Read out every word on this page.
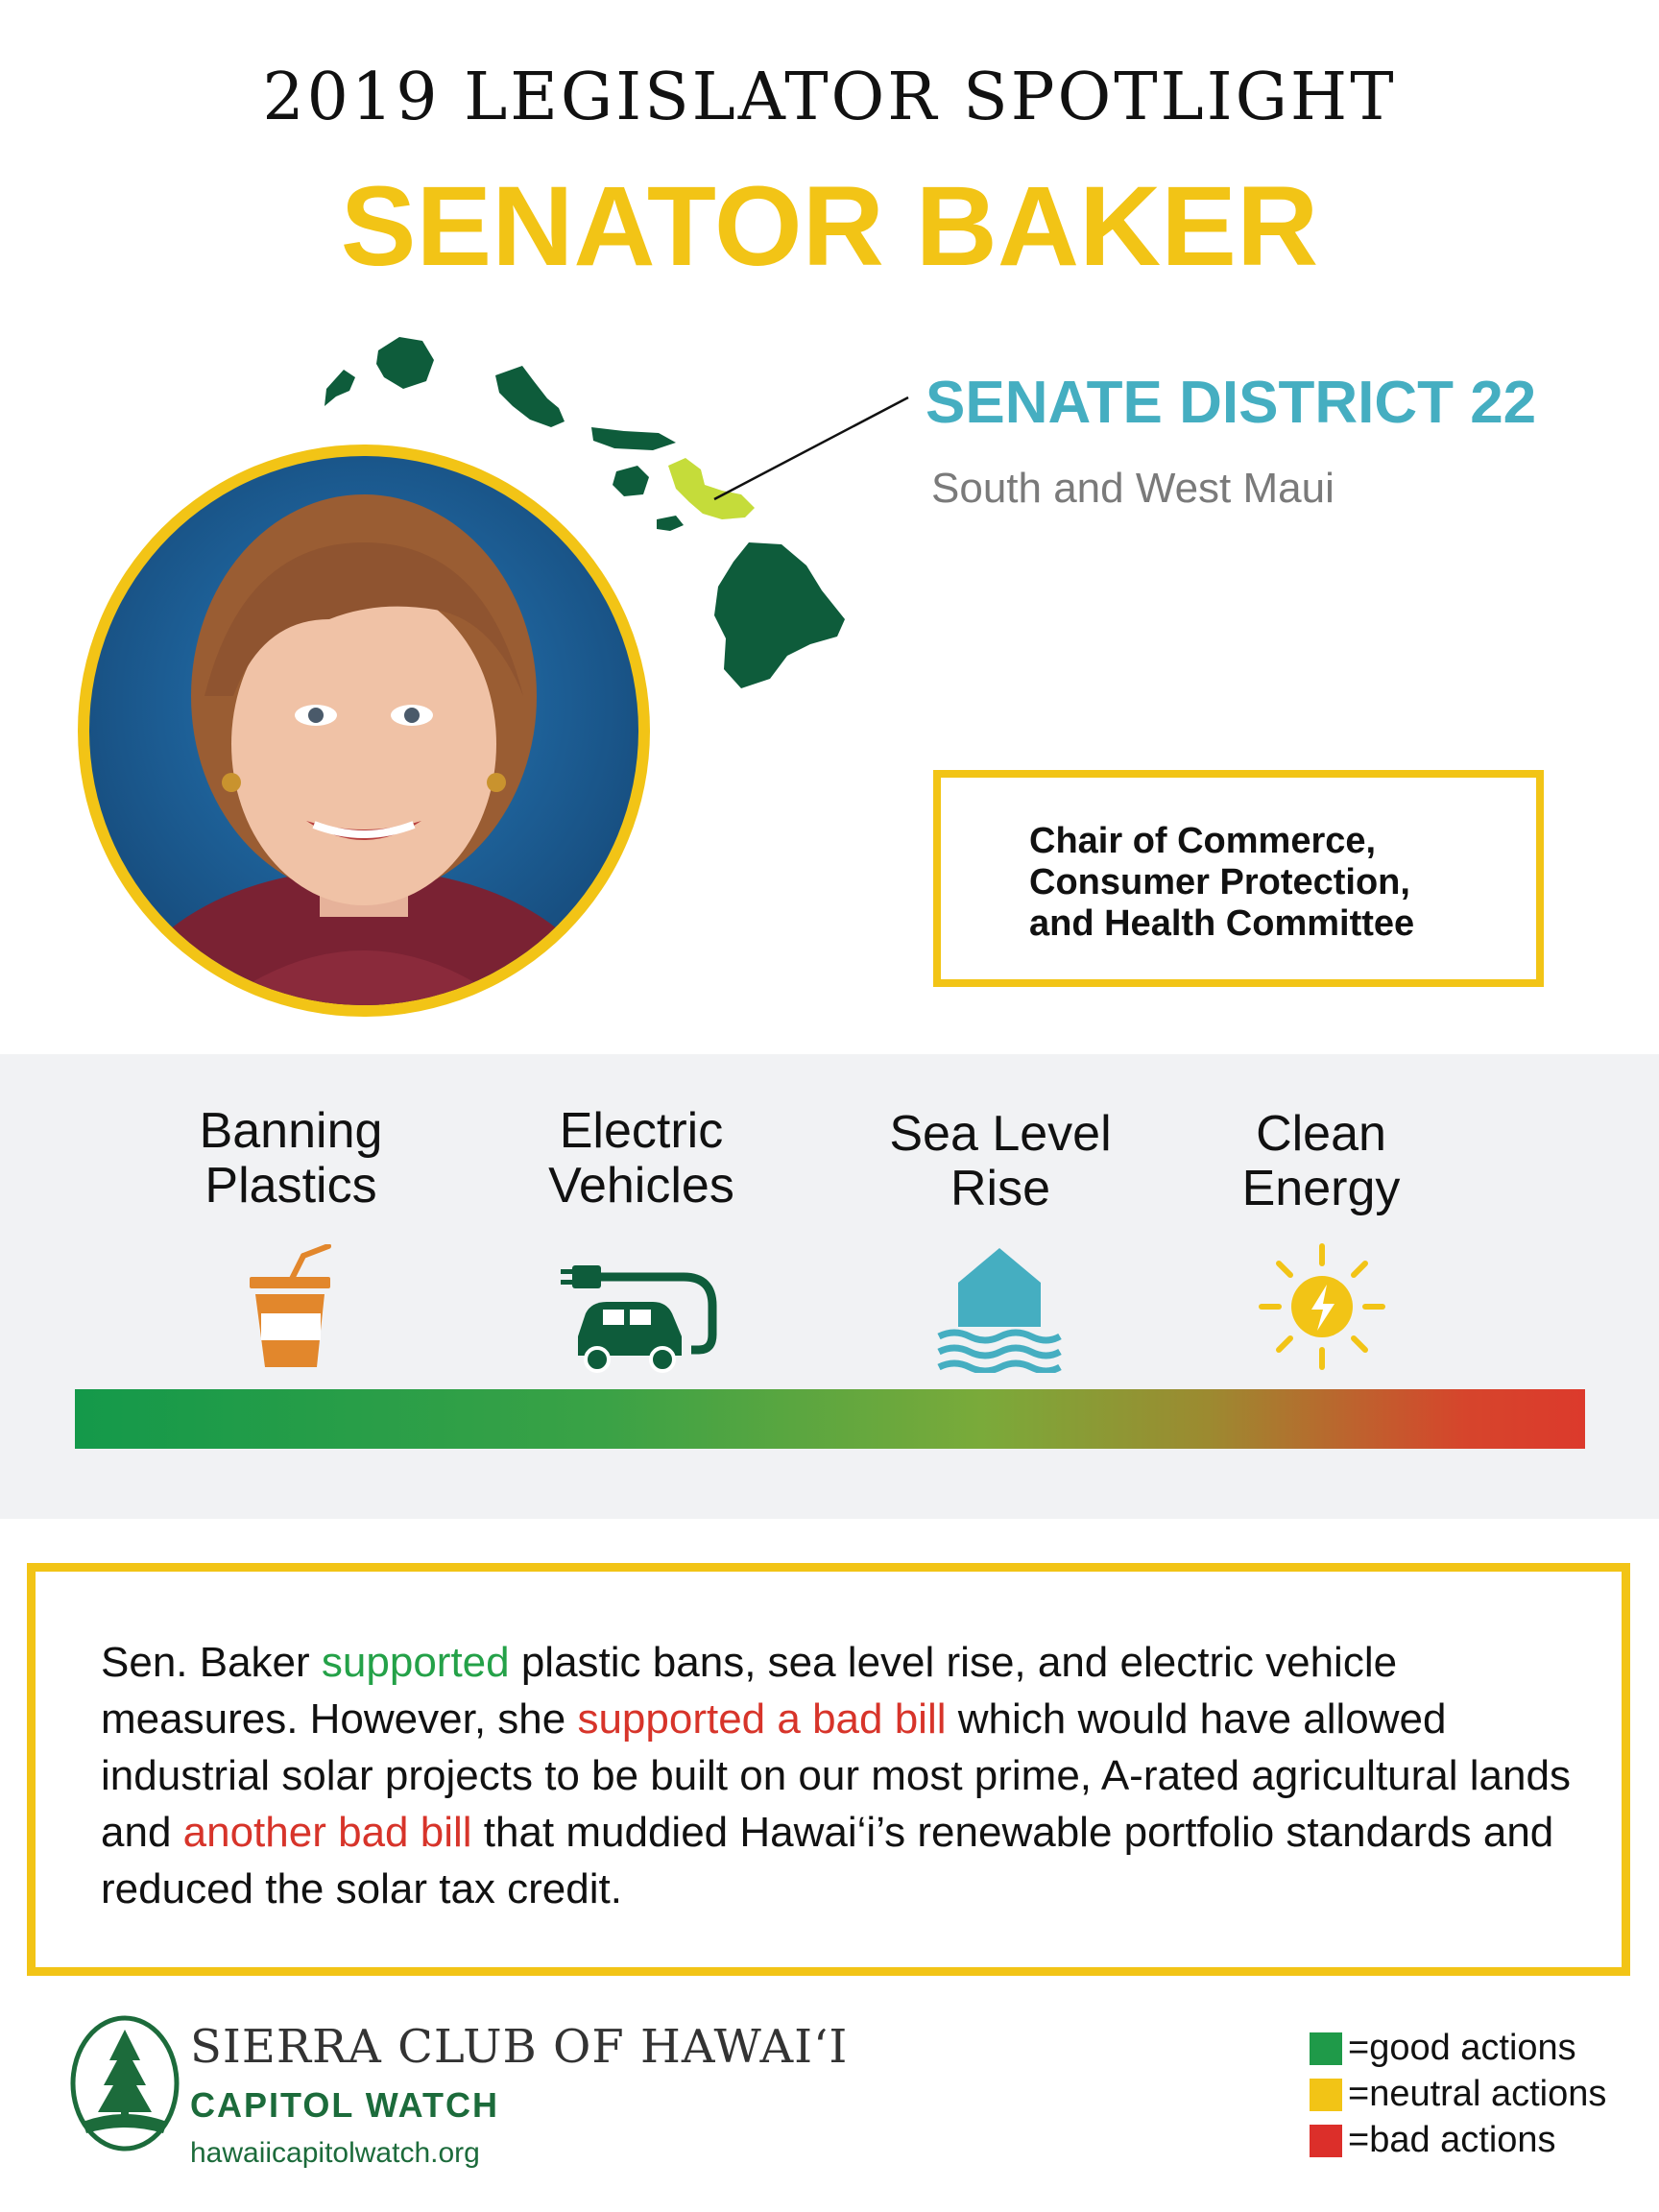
2019 LEGISLATOR SPOTLIGHT
SENATOR BAKER
SENATE DISTRICT 22
South and West Maui
Chair of Commerce,
Consumer Protection,
and Health Committee
Banning
Plastics
Electric
Vehicles
Sea Level
Rise
Clean
Energy
Sen. Baker supported plastic bans, sea level rise, and electric vehicle measures. However, she supported a bad bill which would have allowed industrial solar projects to be built on our most prime, A-rated agricultural lands and another bad bill that muddied Hawai‘i’s renewable portfolio standards and reduced the solar tax credit.
SIERRA CLUB OF HAWAI‘I
CAPITOL WATCH
hawaiicapitolwatch.org
=good actions
=neutral actions
=bad actions
